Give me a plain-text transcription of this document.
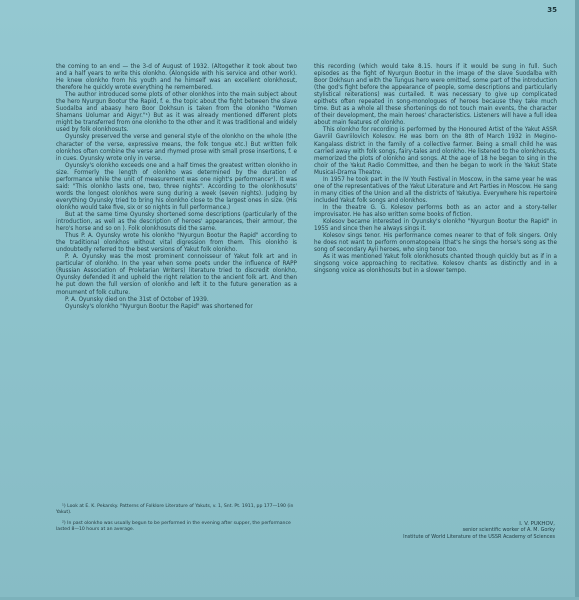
35

the coming to an end — the 3-d of August of 1932. (Altogether it took about two and a half years to write this olonkho. (Alongside with his service and other work). He knew olonkho from his youth and he himself was an excellent olonkhosut, therefore he quickly wrote everything he remembered.

The author introduced some plots of other olonkhos into the main subject about the hero Nyurgun Bootur the Rapid, f. e. the topic about the fight between the slave Suodalba and abaasy hero Boor Dokhsun is taken from the olonkho "Women Shamans Uolumar and Aigyr."¹) But as it was already mentioned different plots might be transferred from one olonkho to the other and it was traditional and widely used by folk olonkhosuts.

Oyunsky preserved the verse and general style of the olonkho on the whole (the character of the verse, expressive means, the folk tongue etc.) But written folk olonkhos often combine the verse and rhymed prose with small prose insertions, f. e in cues. Oyunsky wrote only in verse.

Oyunsky's olonkho exceeds one and a half times the greatest written olonkho in size. Formerly the length of olonkho was determined by the duration of performance while the unit of measurement was one night's performance²). It was said: "This olonkho lasts one, two, three nights". According to the olonkhosuts' words the longest olonkhos were sung during a week (seven nights). Judging by everything Oyunsky tried to bring his olonkho close to the largest ones in size. (His olonkho would take five, six or so nights in full performance.)

But at the same time Oyunsky shortened some descriptions (particularly of the introduction, as well as the description of heroes' appearances, their armour, the hero's horse and so on ). Folk olonkhosuts did the same.

Thus P. A. Oyunsky wrote his olonkho "Nyurgun Bootur the Rapid" according to the traditional olonkhos without vital digression from them. This olonkho is undoubtedly referred to the best versions of Yakut folk olonkho.

P. A. Oyunsky was the most prominent connoisseur of Yakut folk art and in particular of olonkho. In the year when some poets under the influence of RAPP (Russian Association of Proletarian Writers) literature tried to discredit olonkho, Oyunsky defended it and upheld the right relation to the ancient folk art. And then he put down the full version of olonkho and left it to the future generation as a monument of folk culture.

P. A. Oyunsky died on the 31st of October of 1939.

Oyunsky's olonkho "Nyurgun Bootur the Rapid" was shortened for

this recording (which would take 8.15. hours if it would be sung in full. Such episodes as the fight of Nyurgun Bootur in the image of the slave Suodalba with Boor Dokhsun and with the Tungus hero were omitted, some part of the introduction (the god's fight before the appearance of people, some descriptions and particularly stylistical reiterations) was curtailed. It was necessary to give up complicated epithets often repeated in song-monologues of heroes because they take much time. But as a whole all these shortenings do not touch main events, the character of their development, the main heroes' characteristics. Listeners will have a full idea about main features of olonkho.

This olonkho for recording is performed by the Honoured Artist of the Yakut ASSR Gavriil Gavriilovich Kolesov. He was born on the 8th of March 1932 in Megino-Kangalass district in the family of a collective farmer. Being a small child he was carried away with folk songs, fairy-tales and olonkho. He listened to the olonkhosuts, memorized the plots of olonkho and songs. At the age of 18 he began to sing in the choir of the Yakut Radio Committee, and then he began to work in the Yakut State Musical-Drama Theatre.

In 1957 he took part in the IV Youth Festival in Moscow, in the same year he was one of the representatives of the Yakut Literature and Art Parties in Moscow. He sang in many cities of the Union and all the districts of Yakutiya. Everywhere his repertoire included Yakut folk songs and olonkhos.

In the theatre G. G. Kolesov performs both as an actor and a story-teller improvisator. He has also written some books of fiction.

Kolesov became interested in Oyunsky's olonkho "Nyurgun Bootur the Rapid" in 1955 and since then he always sings it.

Kolesov sings tenor. His performance comes nearer to that of folk singers. Only he does not want to perform onomatopoeia (that's he sings the horse's song as the song of secondary Ayii heroes, who sing tenor too.

As it was mentioned Yakut folk olonkhosuts chanted though quickly but as if in a singsong voice approaching to recitative. Kolesov chants as distinctly and in a singsong voice as olonkhosuts but in a slower tempo.

¹) Look at E. K. Pekarsky. Patterns of Folklore Literature of Yakuts, v. 1, Snt. Pt. 1911, pp 177—190 (in Yakut).

²) In past olonkho was usually begun to be performed in the evening after supper, the performance lasted 8—10 hours at an average.

I. V. PUKHOV,
senior scientific worker of A. M. Gorky
Institute of World Literature of the USSR Academy of Sciences
